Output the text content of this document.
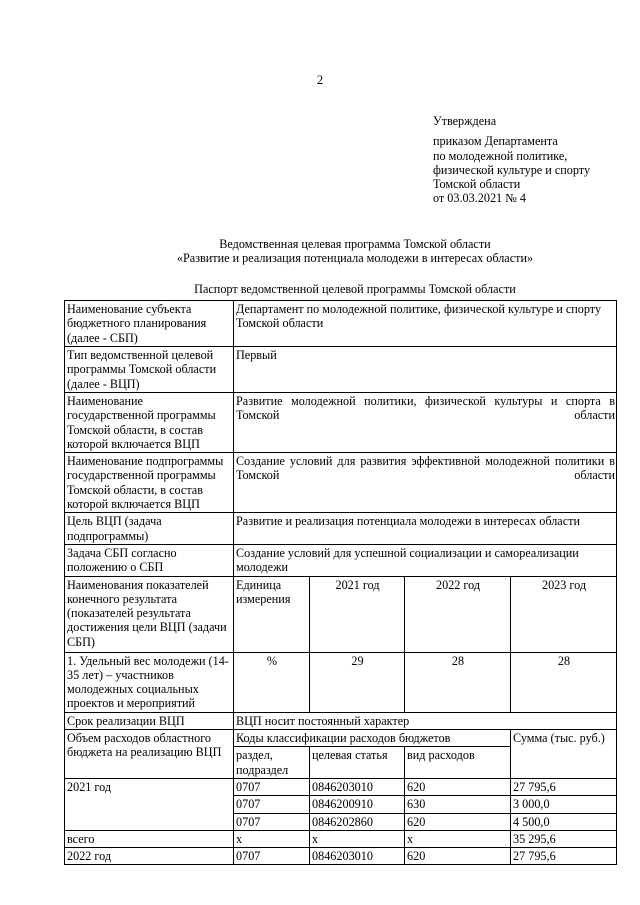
2
Утверждена
приказом Департамента
по молодежной политике,
физической культуре и спорту
Томской области
от 03.03.2021 № 4
Ведомственная целевая программа Томской области
«Развитие и реализация потенциала молодежи в интересах области»
Паспорт ведомственной целевой программы Томской области
Наименование субъекта бюджетного планирования (далее - СБП)	Департамент по молодежной политике, физической культуре и спорту Томской области			
Тип ведомственной целевой программы Томской области (далее - ВЦП)	Первый			
Наименование государственной программы Томской области, в состав которой включается ВЦП	Развитие молодежной политики, физической культуры и спорта в Томской области			
Наименование подпрограммы государственной программы Томской области, в состав которой включается ВЦП	Создание условий для развития эффективной молодежной политики в Томской области			
Цель ВЦП (задача подпрограммы)	Развитие и реализация потенциала молодежи в интересах области			
Задача СБП согласно положению о СБП	Создание условий для успешной социализации и самореализации молодежи			
Наименования показателей конечного результата (показателей результата достижения цели ВЦП (задачи СБП)	Единица измерения	2021 год	2022 год	2023 год
1. Удельный вес молодежи (14-35 лет) – участников молодежных социальных проектов и мероприятий	%	29	28	28
Срок реализации ВЦП	ВЦП носит постоянный характер			
Объем расходов областного бюджета на реализацию ВЦП	Коды классификации расходов бюджетов			Сумма (тыс. руб.)
	раздел, подраздел	целевая статья	вид расходов	
2021 год	0707	0846203010	620	27 795,6
	0707	0846200910	630	3 000,0
	0707	0846202860	620	4 500,0
всего	х	х	х	35 295,6
2022 год	0707	0846203010	620	27 795,6
